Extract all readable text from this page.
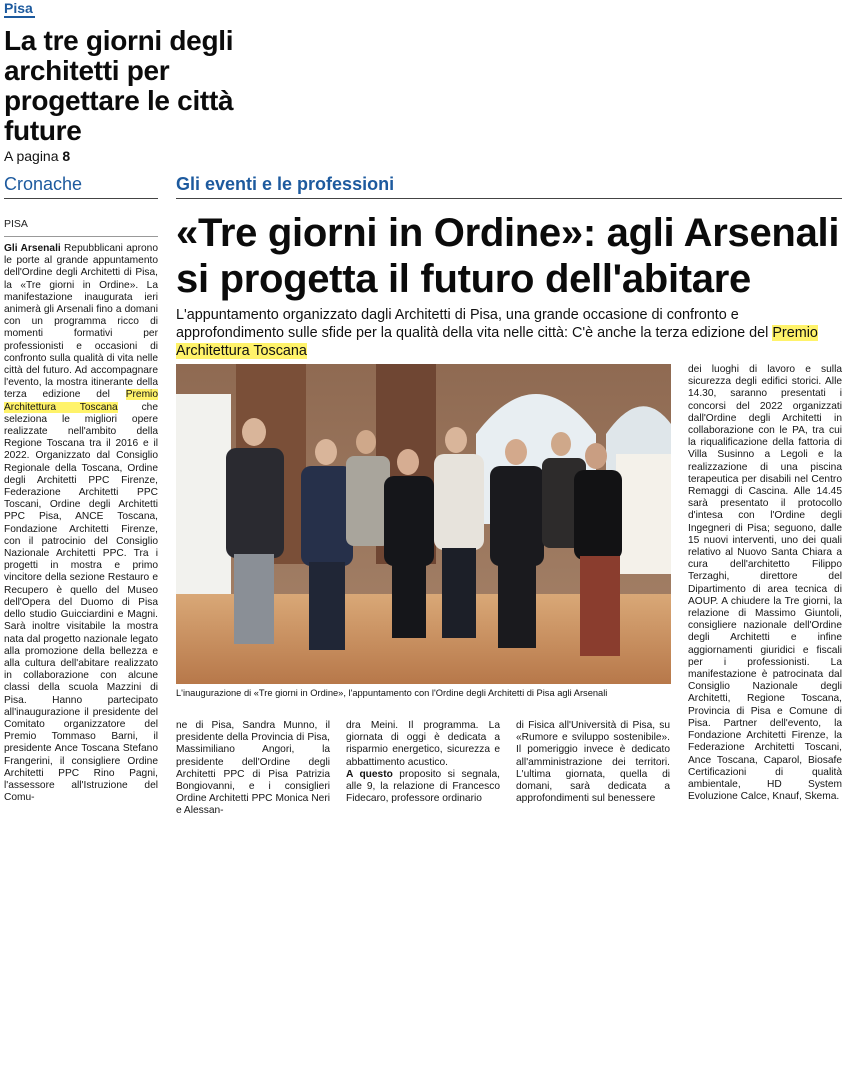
Pisa
La tre giorni degli architetti per progettare le città future
A pagina 8
Cronache	Gli eventi e le professioni
PISA

Gli Arsenali Repubblicani aprono le porte al grande appuntamento dell'Ordine degli Architetti di Pisa, la «Tre giorni in Ordine». La manifestazione inaugurata ieri animerà gli Arsenali fino a domani con un programma ricco di momenti formativi per professionisti e occasioni di confronto sulla qualità di vita nelle città del futuro. Ad accompagnare l'evento, la mostra itinerante della terza edizione del Premio Architettura Toscana che seleziona le migliori opere realizzate nell'ambito della Regione Toscana tra il 2016 e il 2022. Organizzato dal Consiglio Regionale della Toscana, Ordine degli Architetti PPC Firenze, Federazione Architetti PPC Toscani, Ordine degli Architetti PPC Pisa, ANCE Toscana, Fondazione Architetti Firenze, con il patrocinio del Consiglio Nazionale Architetti PPC. Tra i progetti in mostra e primo vincitore della sezione Restauro e Recupero è quello del Museo dell'Opera del Duomo di Pisa dello studio Guicciardini e Magni. Sarà inoltre visitabile la mostra nata dal progetto nazionale legato alla promozione della bellezza e alla cultura dell'abitare realizzato in collaborazione con alcune classi della scuola Mazzini di Pisa. Hanno partecipato all'inaugurazione il presidente del Comitato organizzatore del Premio Tommaso Barni, il presidente Ance Toscana Stefano Frangerini, il consigliere Ordine Architetti PPC Rino Pagni, l'assessore all'Istruzione del Comu-

«Tre giorni in Ordine»: agli Arsenali si progetta il futuro dell'abitare
L'appuntamento organizzato dagli Architetti di Pisa, una grande occasione di confronto e approfondimento sulle sfide per la qualità della vita nelle città: C'è anche la terza edizione del Premio Architettura Toscana
L'inaugurazione di «Tre giorni in Ordine», l'appuntamento con l'Ordine degli Architetti di Pisa agli Arsenali

ne di Pisa, Sandra Munno, il presidente della Provincia di Pisa, Massimiliano Angori, la presidente dell'Ordine degli Architetti PPC di Pisa Patrizia Bongiovanni, e i consiglieri Ordine Architetti PPC Monica Neri e Alessan-

dra Meini. Il programma. La giornata di oggi è dedicata a risparmio energetico, sicurezza e abbattimento acustico.
A questo proposito si segnala, alle 9, la relazione di Francesco Fidecaro, professore ordinario

di Fisica all'Università di Pisa, su «Rumore e sviluppo sostenibile». Il pomeriggio invece è dedicato all'amministrazione dei territori. L'ultima giornata, quella di domani, sarà dedicata a approfondimenti sul benessere

dei luoghi di lavoro e sulla sicurezza degli edifici storici. Alle 14.30, saranno presentati i concorsi del 2022 organizzati dall'Ordine degli Architetti in collaborazione con le PA, tra cui la riqualificazione della fattoria di Villa Susinno a Legoli e la realizzazione di una piscina terapeutica per disabili nel Centro Remaggi di Cascina. Alle 14.45 sarà presentato il protocollo d'intesa con l'Ordine degli Ingegneri di Pisa; seguono, dalle 15 nuovi interventi, uno dei quali relativo al Nuovo Santa Chiara a cura dell'architetto Filippo Terzaghi, direttore del Dipartimento di area tecnica di AOUP. A chiudere la Tre giorni, la relazione di Massimo Giuntoli, consigliere nazionale dell'Ordine degli Architetti e infine aggiornamenti giuridici e fiscali per i professionisti. La manifestazione è patrocinata dal Consiglio Nazionale degli Architetti, Regione Toscana, Provincia di Pisa e Comune di Pisa. Partner dell'evento, la Fondazione Architetti Firenze, la Federazione Architetti Toscani, Ance Toscana, Caparol, Biosafe Certificazioni di qualità ambientale, HD System Evoluzione Calce, Knauf, Skema.
